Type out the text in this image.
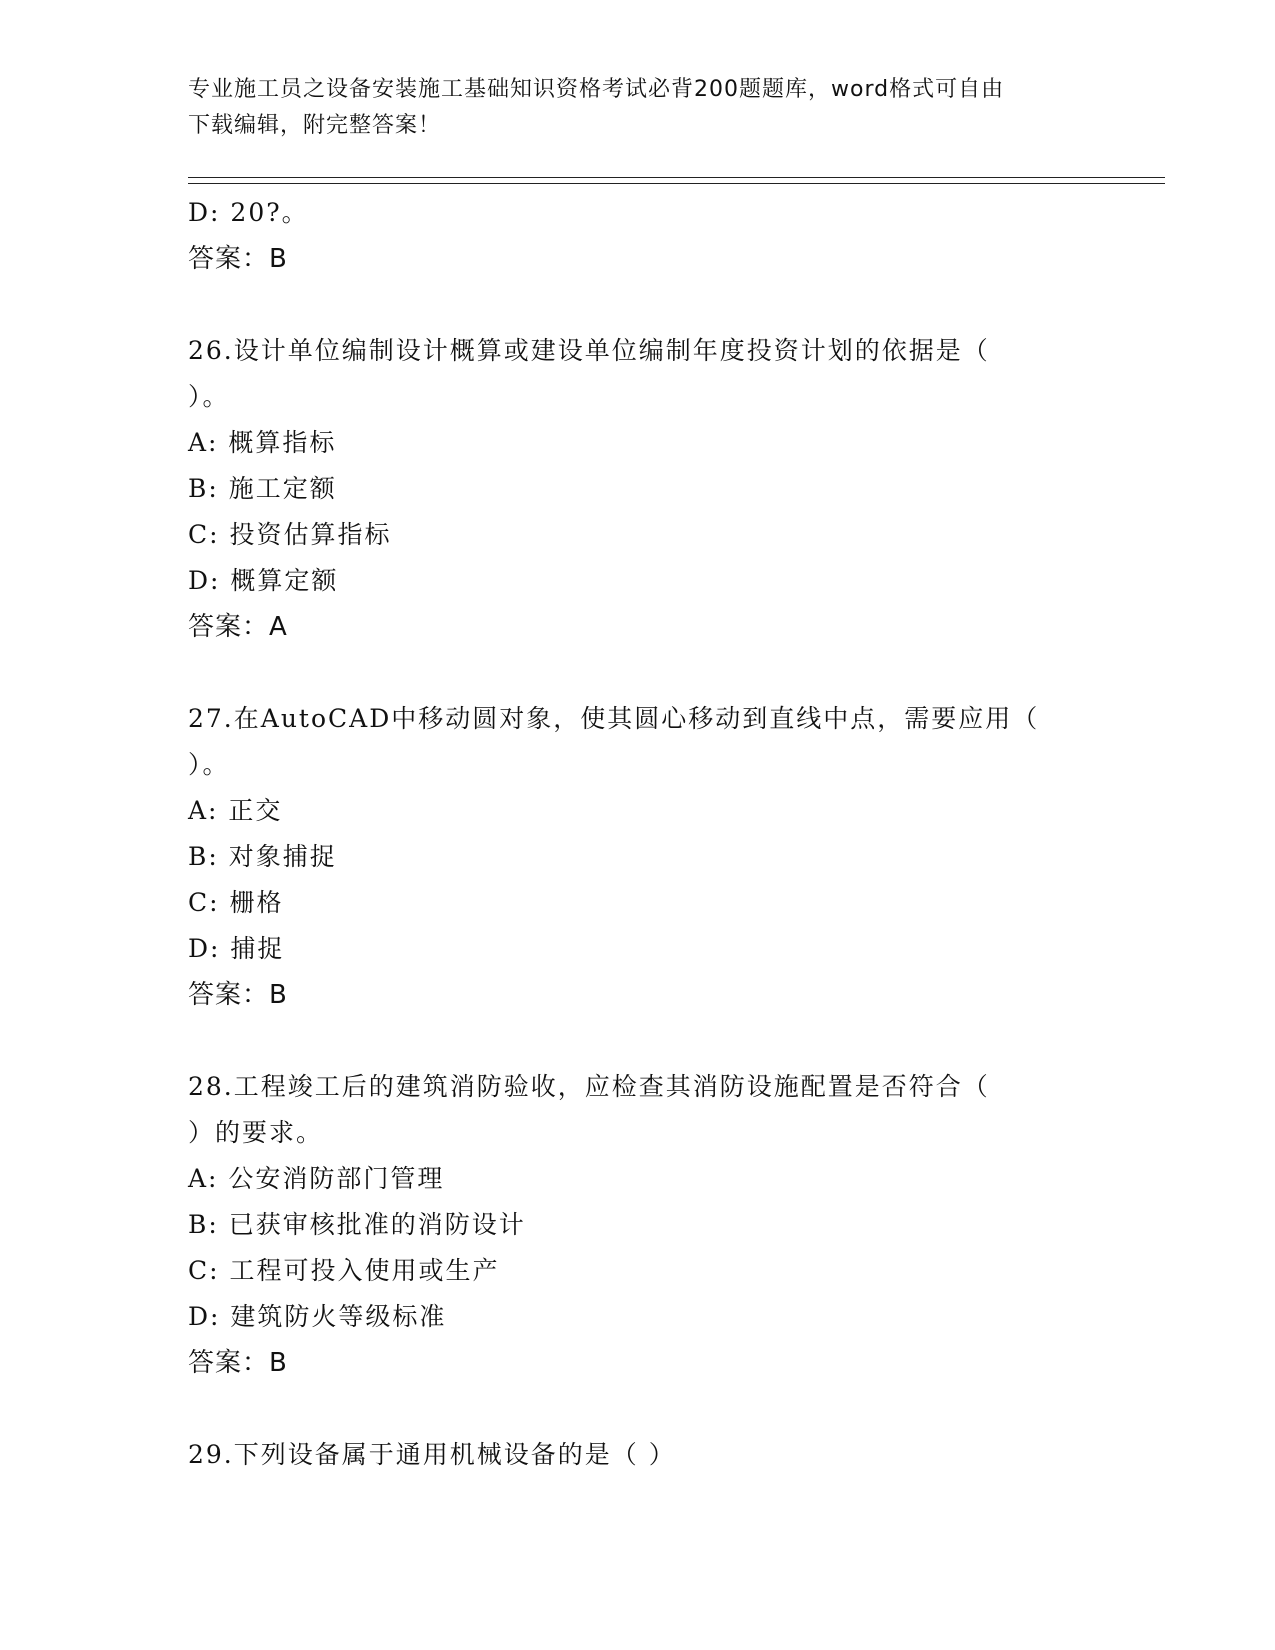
专业施工员之设备安装施工基础知识资格考试必背200题题库，word格式可自由
下载编辑，附完整答案！
D: 20?。
答案：B
26.设计单位编制设计概算或建设单位编制年度投资计划的依据是（
）。
A: 概算指标
B: 施工定额
C: 投资估算指标
D: 概算定额
答案：A
27.在AutoCAD中移动圆对象，使其圆心移动到直线中点，需要应用（
）。
A: 正交
B: 对象捕捉
C: 栅格
D: 捕捉
答案：B
28.工程竣工后的建筑消防验收，应检查其消防设施配置是否符合（
）的要求。
A: 公安消防部门管理
B: 已获审核批准的消防设计
C: 工程可投入使用或生产
D: 建筑防火等级标准
答案：B
29.下列设备属于通用机械设备的是（ ）
